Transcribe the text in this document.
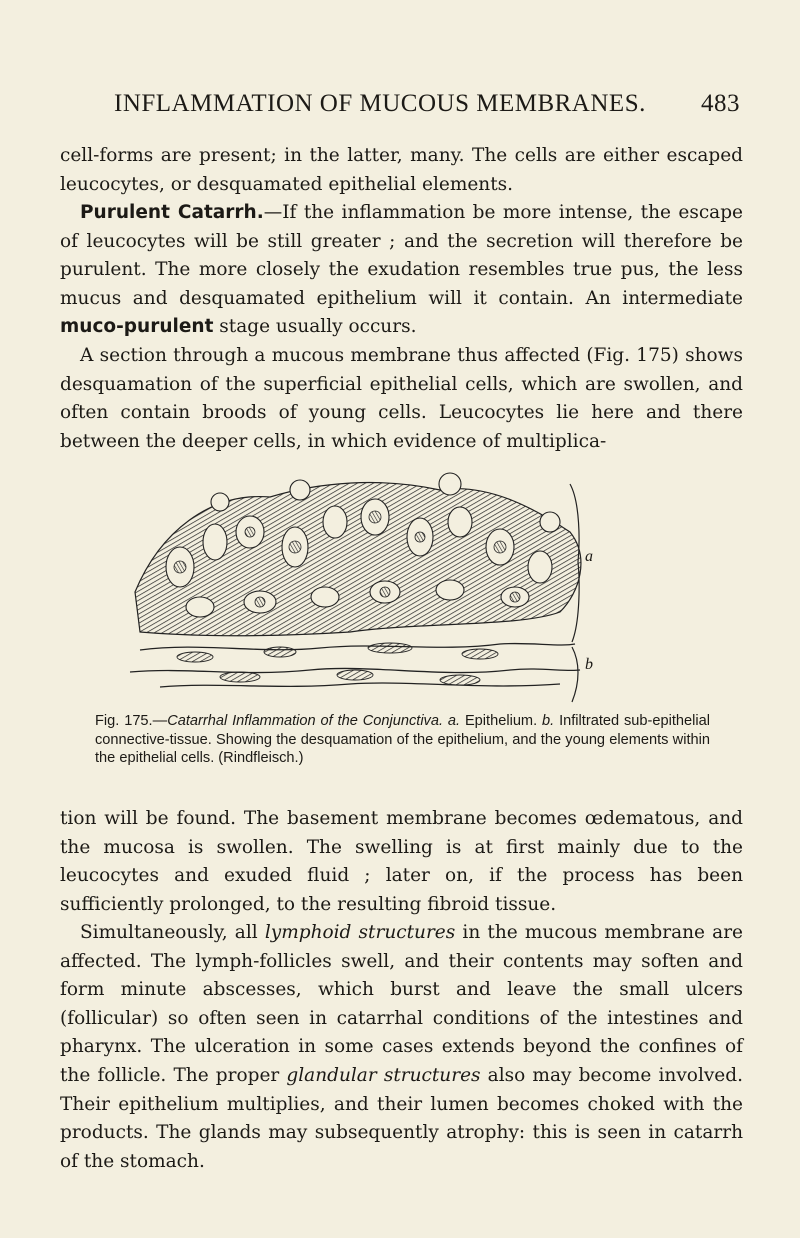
INFLAMMATION OF MUCOUS MEMBRANES. 483

cell-forms are present; in the latter, many. The cells are either escaped leucocytes, or desquamated epithelial elements.

Purulent Catarrh.—If the inflammation be more intense, the escape of leucocytes will be still greater ; and the secretion will therefore be purulent. The more closely the exudation resembles true pus, the less mucus and desquamated epithelium will it contain. An intermediate muco-purulent stage usually occurs.

A section through a mucous membrane thus affected (Fig. 175) shows desquamation of the superficial epithelial cells, which are swollen, and often contain broods of young cells. Leucocytes lie here and there between the deeper cells, in which evidence of multiplica-

a
b
Fig. 175.—Catarrhal Inflammation of the Conjunctiva. a. Epithelium. b. Infiltrated sub-epithelial connective-tissue. Showing the desquamation of the epithelium, and the young elements within the epithelial cells. (Rindfleisch.)

tion will be found. The basement membrane becomes œdematous, and the mucosa is swollen. The swelling is at first mainly due to the leucocytes and exuded fluid ; later on, if the process has been sufficiently prolonged, to the resulting fibroid tissue.

Simultaneously, all lymphoid structures in the mucous membrane are affected. The lymph-follicles swell, and their contents may soften and form minute abscesses, which burst and leave the small ulcers (follicular) so often seen in catarrhal conditions of the intestines and pharynx. The ulceration in some cases extends beyond the confines of the follicle. The proper glandular structures also may become involved. Their epithelium multiplies, and their lumen becomes choked with the products. The glands may subsequently atrophy: this is seen in catarrh of the stomach.
